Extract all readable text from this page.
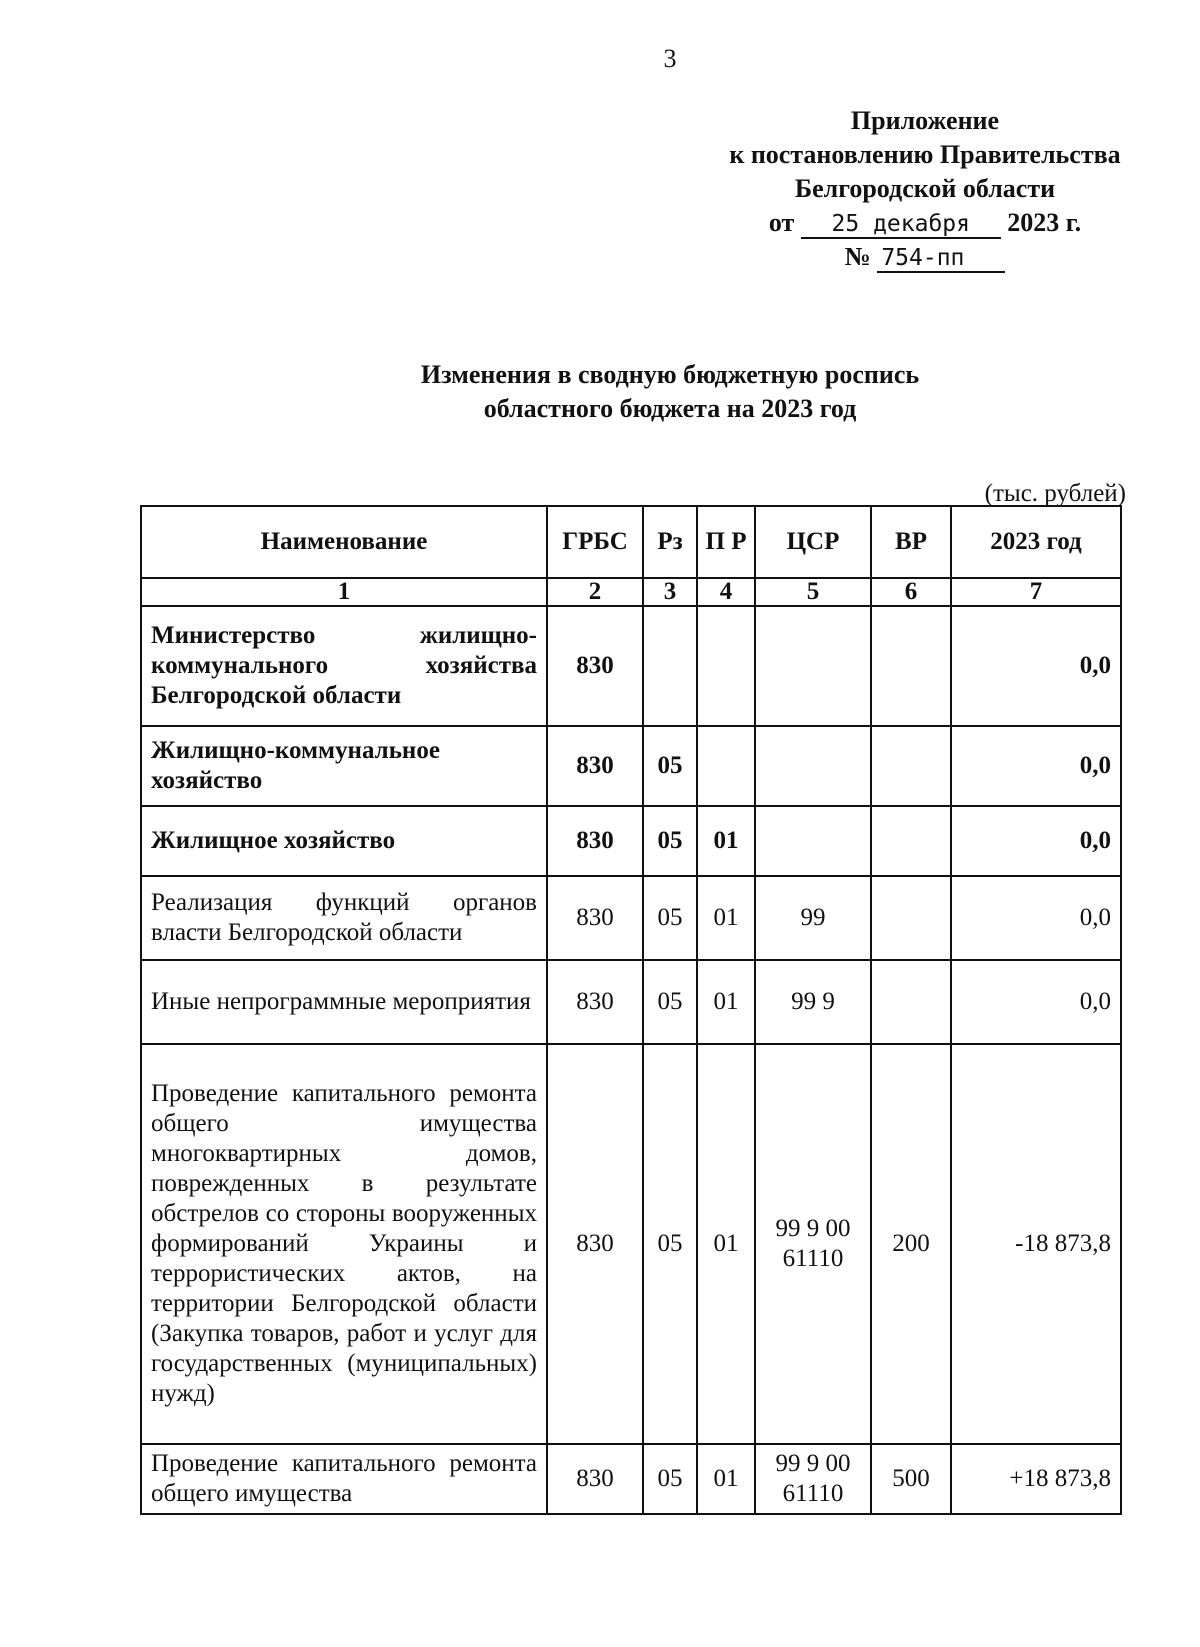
3
Приложение
к постановлению Правительства
Белгородской области
от 25 декабря 2023 г.
№ 754-пп
Изменения в сводную бюджетную роспись
областного бюджета на 2023 год
(тыс. рублей)
Наименование	ГРБС	Рз	П Р	ЦСР	ВР	2023 год
1	2	3	4	5	6	7
Министерство жилищно-коммунального хозяйства Белгородской области	830					0,0
Жилищно-коммунальное хозяйство	830	05				0,0
Жилищное хозяйство	830	05	01			0,0
Реализация функций органов власти Белгородской области	830	05	01	99		0,0
Иные непрограммные мероприятия	830	05	01	99 9		0,0
Проведение капитального ремонта общего имущества многоквартирных домов, поврежденных в результате обстрелов со стороны вооруженных формирований Украины и террористических актов, на территории Белгородской области (Закупка товаров, работ и услуг для государственных (муниципальных) нужд)	830	05	01	99 9 00 61110	200	-18 873,8
Проведение капитального ремонта общего имущества	830	05	01	99 9 00 61110	500	+18 873,8
